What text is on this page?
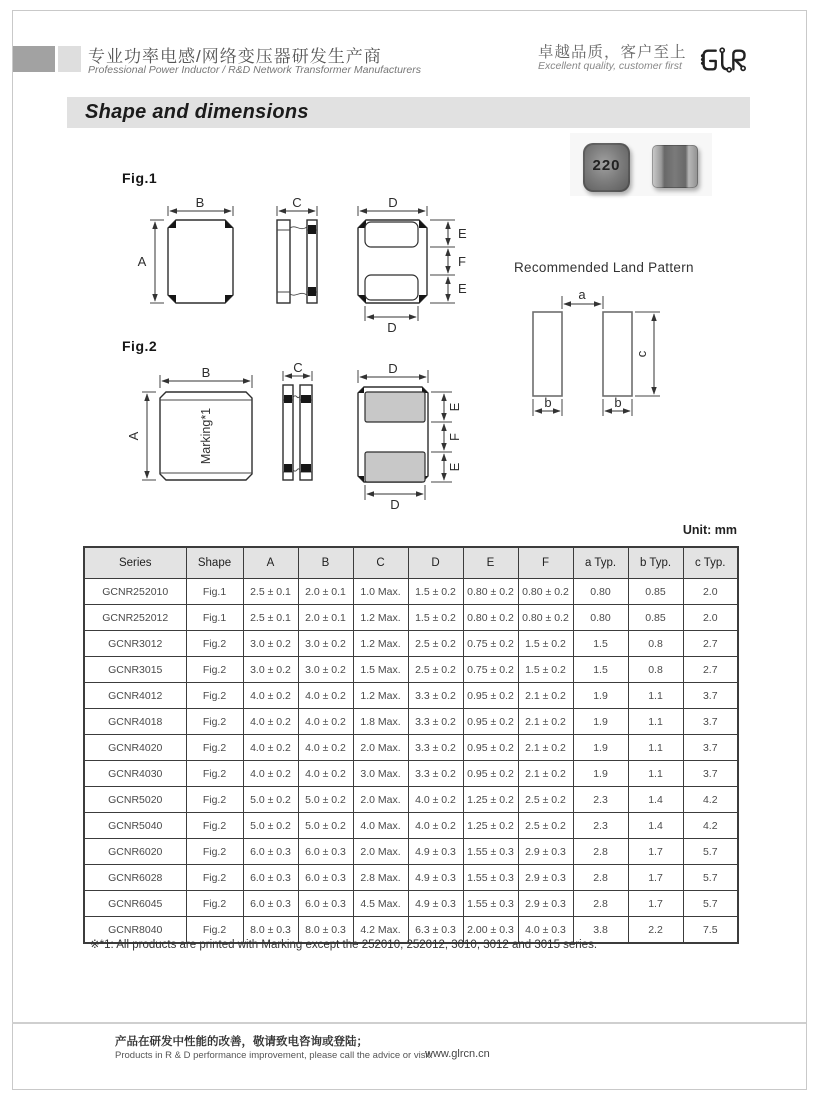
专业功率电感/网络变压器研发生产商
Professional Power Inductor / R&D Network Transformer Manufacturers
卓越品质，客户至上
Excellent quality, customer first
Shape and dimensions
Fig.1
B
A
C	D
D
E
F
E
Fig.2
Marking*1
B
A
C	D
D
E
F
E
Recommended Land Pattern
a
c
b	b
220
Unit: mm
Series	Shape	A	B	C	D	E	F	a Typ.	b Typ.	c Typ.
GCNR252010	Fig.1	2.5 ± 0.1	2.0 ± 0.1	1.0 Max.	1.5 ± 0.2	0.80 ± 0.2	0.80 ± 0.2	0.80	0.85	2.0
GCNR252012	Fig.1	2.5 ± 0.1	2.0 ± 0.1	1.2 Max.	1.5 ± 0.2	0.80 ± 0.2	0.80 ± 0.2	0.80	0.85	2.0
GCNR3012	Fig.2	3.0 ± 0.2	3.0 ± 0.2	1.2 Max.	2.5 ± 0.2	0.75 ± 0.2	1.5 ± 0.2	1.5	0.8	2.7
GCNR3015	Fig.2	3.0 ± 0.2	3.0 ± 0.2	1.5 Max.	2.5 ± 0.2	0.75 ± 0.2	1.5 ± 0.2	1.5	0.8	2.7
GCNR4012	Fig.2	4.0 ± 0.2	4.0 ± 0.2	1.2 Max.	3.3 ± 0.2	0.95 ± 0.2	2.1 ± 0.2	1.9	1.1	3.7
GCNR4018	Fig.2	4.0 ± 0.2	4.0 ± 0.2	1.8 Max.	3.3 ± 0.2	0.95 ± 0.2	2.1 ± 0.2	1.9	1.1	3.7
GCNR4020	Fig.2	4.0 ± 0.2	4.0 ± 0.2	2.0 Max.	3.3 ± 0.2	0.95 ± 0.2	2.1 ± 0.2	1.9	1.1	3.7
GCNR4030	Fig.2	4.0 ± 0.2	4.0 ± 0.2	3.0 Max.	3.3 ± 0.2	0.95 ± 0.2	2.1 ± 0.2	1.9	1.1	3.7
GCNR5020	Fig.2	5.0 ± 0.2	5.0 ± 0.2	2.0 Max.	4.0 ± 0.2	1.25 ± 0.2	2.5 ± 0.2	2.3	1.4	4.2
GCNR5040	Fig.2	5.0 ± 0.2	5.0 ± 0.2	4.0 Max.	4.0 ± 0.2	1.25 ± 0.2	2.5 ± 0.2	2.3	1.4	4.2
GCNR6020	Fig.2	6.0 ± 0.3	6.0 ± 0.3	2.0 Max.	4.9 ± 0.3	1.55 ± 0.3	2.9 ± 0.3	2.8	1.7	5.7
GCNR6028	Fig.2	6.0 ± 0.3	6.0 ± 0.3	2.8 Max.	4.9 ± 0.3	1.55 ± 0.3	2.9 ± 0.3	2.8	1.7	5.7
GCNR6045	Fig.2	6.0 ± 0.3	6.0 ± 0.3	4.5 Max.	4.9 ± 0.3	1.55 ± 0.3	2.9 ± 0.3	2.8	1.7	5.7
GCNR8040	Fig.2	8.0 ± 0.3	8.0 ± 0.3	4.2 Max.	6.3 ± 0.3	2.00 ± 0.3	4.0 ± 0.3	3.8	2.2	7.5
※*1: All products are printed with Marking except the 252010, 252012, 3010, 3012 and 3015 series.
产品在研发中性能的改善，敬请致电咨询或登陆；
Products in R & D performance improvement, please call the advice or visit:
www.glrcn.cn
